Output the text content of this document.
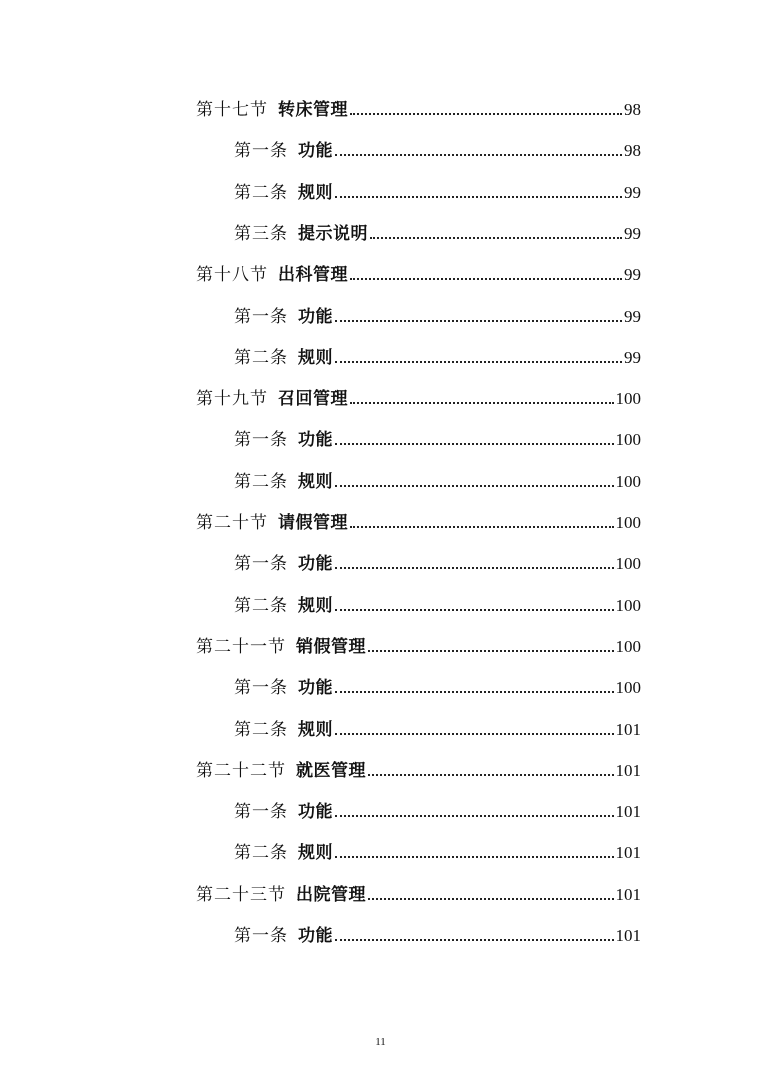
第十七节 转床管理	98
第一条 功能	98
第二条 规则	99
第三条 提示说明	99
第十八节 出科管理	99
第一条 功能	99
第二条 规则	99
第十九节 召回管理	100
第一条 功能	100
第二条 规则	100
第二十节 请假管理	100
第一条 功能	100
第二条 规则	100
第二十一节 销假管理	100
第一条 功能	100
第二条 规则	101
第二十二节 就医管理	101
第一条 功能	101
第二条 规则	101
第二十三节 出院管理	101
第一条 功能	101
11
